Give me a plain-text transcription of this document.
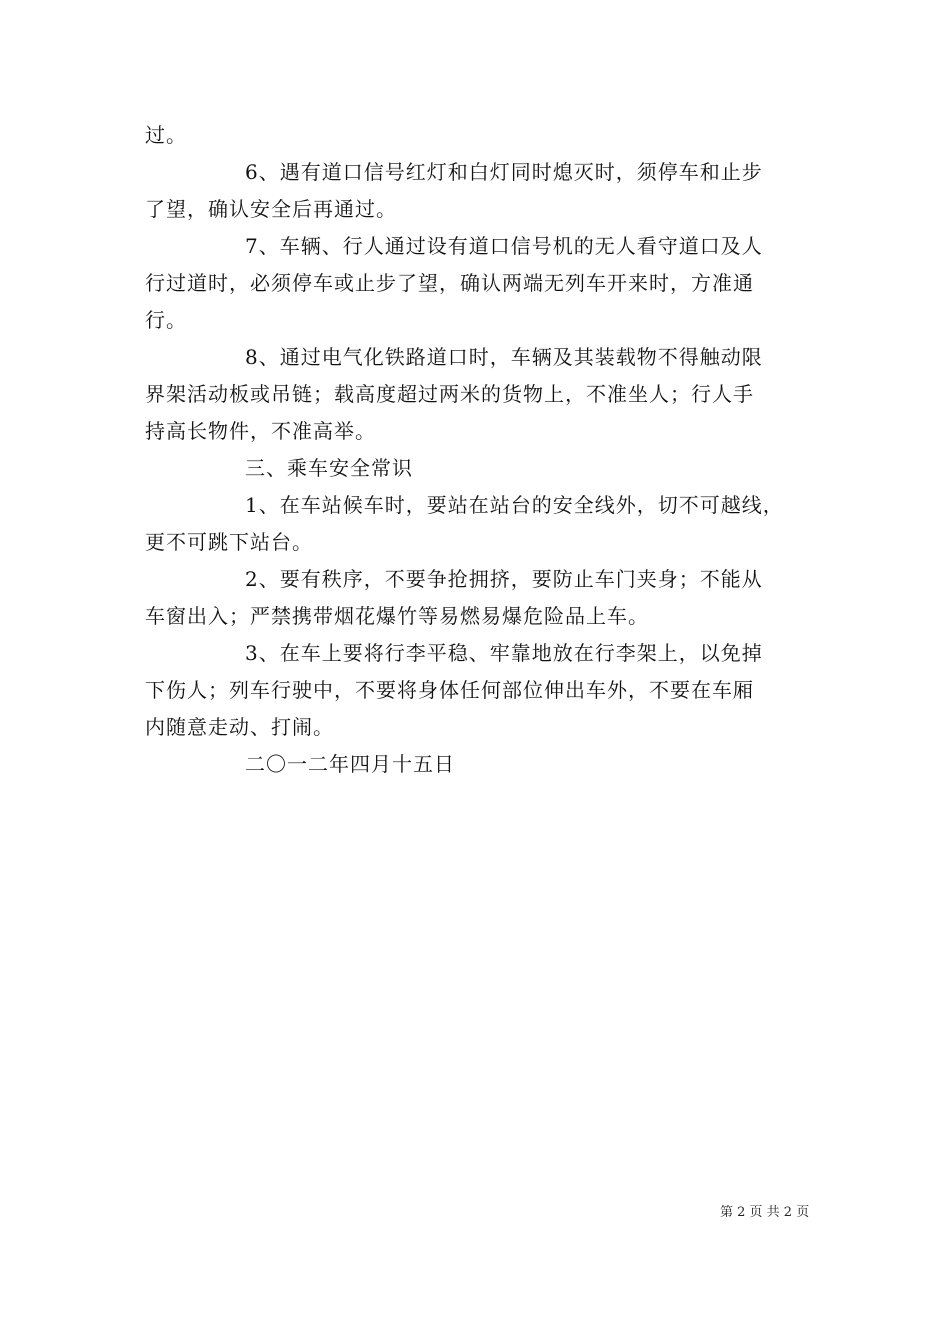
过。
6、遇有道口信号红灯和白灯同时熄灭时，须停车和止步
了望，确认安全后再通过。
7、车辆、行人通过设有道口信号机的无人看守道口及人
行过道时，必须停车或止步了望，确认两端无列车开来时，方准通
行。
8、通过电气化铁路道口时，车辆及其装载物不得触动限
界架活动板或吊链；载高度超过两米的货物上，不准坐人；行人手
持高长物件，不准高举。
三、乘车安全常识
1、在车站候车时，要站在站台的安全线外，切不可越线，
更不可跳下站台。
2、要有秩序，不要争抢拥挤，要防止车门夹身；不能从
车窗出入；严禁携带烟花爆竹等易燃易爆危险品上车。
3、在车上要将行李平稳、牢靠地放在行李架上，以免掉
下伤人；列车行驶中，不要将身体任何部位伸出车外，不要在车厢
内随意走动、打闹。
二〇一二年四月十五日
第 2 页 共 2 页
